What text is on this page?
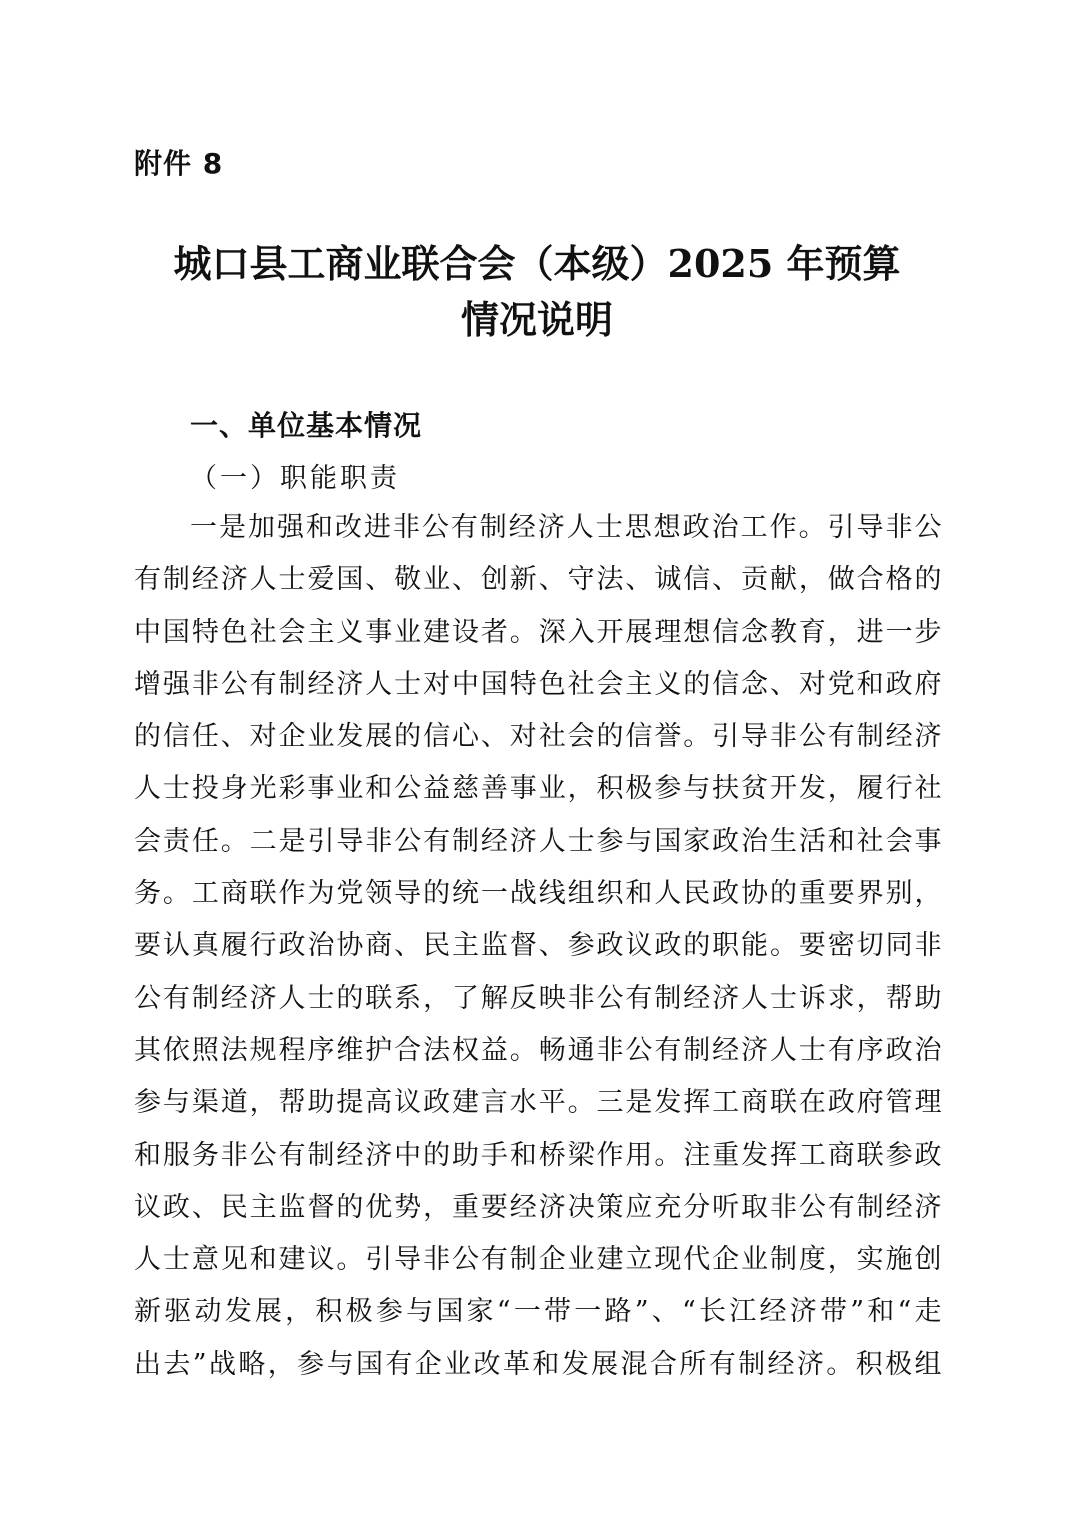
附件 8
城口县工商业联合会（本级）2025 年预算
情况说明
一、单位基本情况
（一）职能职责
一是加强和改进非公有制经济人士思想政治工作。引导非公
有制经济人士爱国、敬业、创新、守法、诚信、贡献，做合格的
中国特色社会主义事业建设者。深入开展理想信念教育，进一步
增强非公有制经济人士对中国特色社会主义的信念、对党和政府
的信任、对企业发展的信心、对社会的信誉。引导非公有制经济
人士投身光彩事业和公益慈善事业，积极参与扶贫开发，履行社
会责任。二是引导非公有制经济人士参与国家政治生活和社会事
务。工商联作为党领导的统一战线组织和人民政协的重要界别，
要认真履行政治协商、民主监督、参政议政的职能。要密切同非
公有制经济人士的联系，了解反映非公有制经济人士诉求，帮助
其依照法规程序维护合法权益。畅通非公有制经济人士有序政治
参与渠道，帮助提高议政建言水平。三是发挥工商联在政府管理
和服务非公有制经济中的助手和桥梁作用。注重发挥工商联参政
议政、民主监督的优势，重要经济决策应充分听取非公有制经济
人士意见和建议。引导非公有制企业建立现代企业制度，实施创
新驱动发展，积极参与国家“一带一路”、“长江经济带”和“走
出去”战略，参与国有企业改革和发展混合所有制经济。积极组
